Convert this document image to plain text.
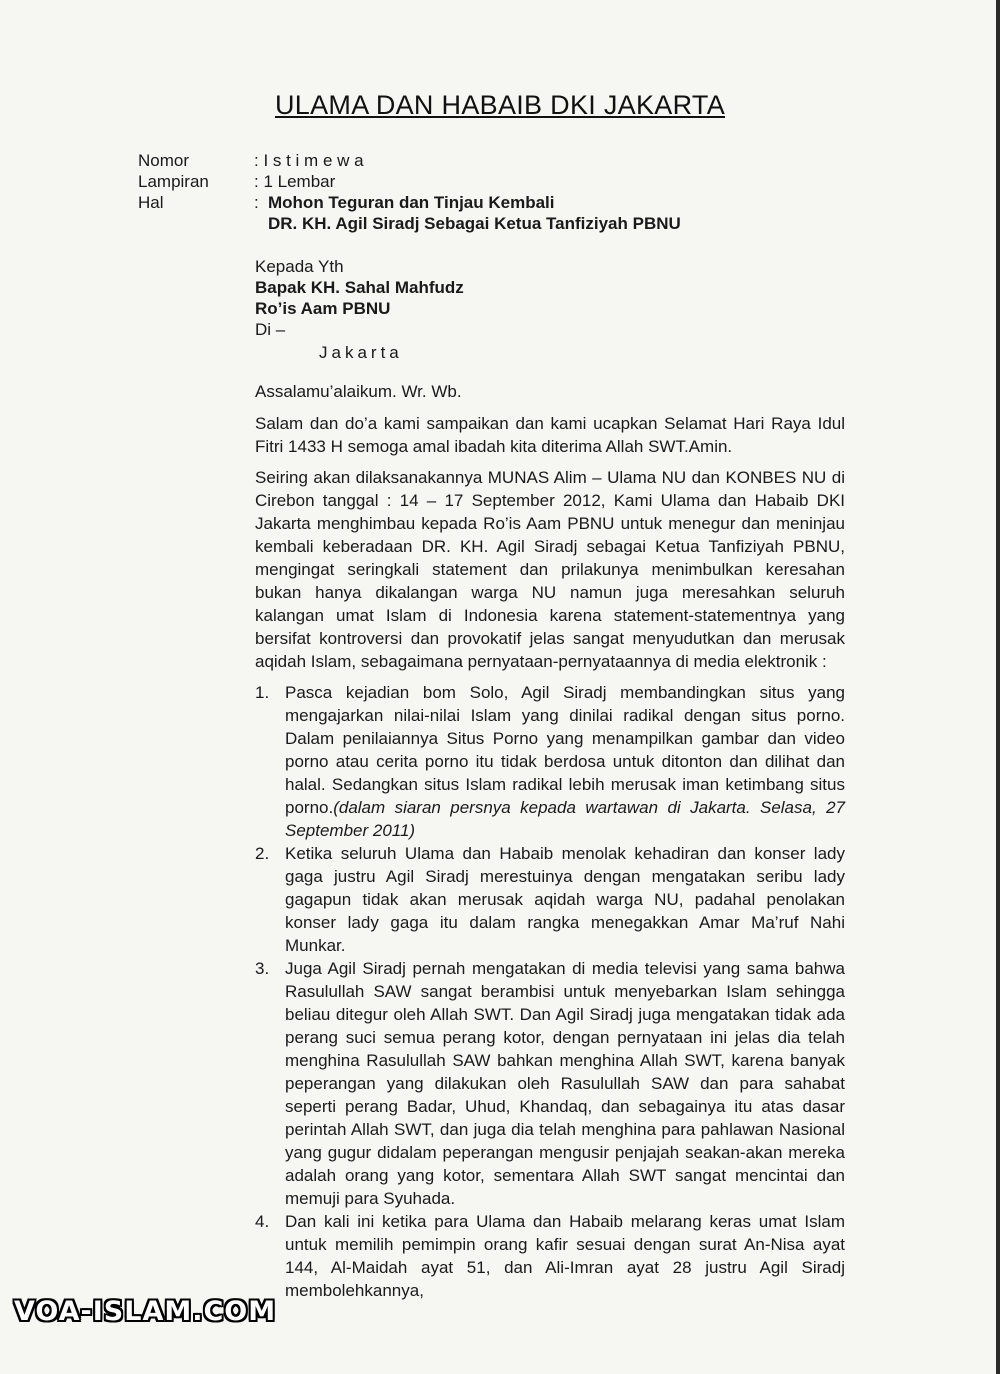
ULAMA DAN HABAIB DKI JAKARTA
Nomor	: I s t i m e w a
Lampiran	: 1 Lembar
Hal	: Mohon Teguran dan Tinjau Kembali
DR. KH. Agil Siradj Sebagai Ketua Tanfiziyah PBNU
Kepada Yth
Bapak KH. Sahal Mahfudz
Ro’is Aam PBNU
Di –
Jakarta
Assalamu’alaikum. Wr. Wb.

Salam dan do’a kami sampaikan dan kami ucapkan Selamat Hari Raya Idul Fitri 1433 H semoga amal ibadah kita diterima Allah SWT.Amin.

Seiring akan dilaksanakannya MUNAS Alim – Ulama NU dan KONBES NU di Cirebon tanggal : 14 – 17 September 2012, Kami Ulama dan Habaib DKI Jakarta menghimbau kepada Ro’is Aam PBNU untuk menegur dan meninjau kembali keberadaan DR. KH. Agil Siradj sebagai Ketua Tanfiziyah PBNU, mengingat seringkali statement dan prilakunya menimbulkan keresahan bukan hanya dikalangan warga NU namun juga meresahkan seluruh kalangan umat Islam di Indonesia karena statement-statementnya yang bersifat kontroversi dan provokatif jelas sangat menyudutkan dan merusak aqidah Islam, sebagaimana pernyataan-pernyataannya di media elektronik :

1. Pasca kejadian bom Solo, Agil Siradj membandingkan situs yang mengajarkan nilai-nilai Islam yang dinilai radikal dengan situs porno. Dalam penilaiannya Situs Porno yang menampilkan gambar dan video porno atau cerita porno itu tidak berdosa untuk ditonton dan dilihat dan halal. Sedangkan situs Islam radikal lebih merusak iman ketimbang situs porno.(dalam siaran persnya kepada wartawan di Jakarta. Selasa, 27 September 2011)
2. Ketika seluruh Ulama dan Habaib menolak kehadiran dan konser lady gaga justru Agil Siradj merestuinya dengan mengatakan seribu lady gagapun tidak akan merusak aqidah warga NU, padahal penolakan konser lady gaga itu dalam rangka menegakkan Amar Ma’ruf Nahi Munkar.
3. Juga Agil Siradj pernah mengatakan di media televisi yang sama bahwa Rasulullah SAW sangat berambisi untuk menyebarkan Islam sehingga beliau ditegur oleh Allah SWT. Dan Agil Siradj juga mengatakan tidak ada perang suci semua perang kotor, dengan pernyataan ini jelas dia telah menghina Rasulullah SAW bahkan menghina Allah SWT, karena banyak peperangan yang dilakukan oleh Rasulullah SAW dan para sahabat seperti perang Badar, Uhud, Khandaq, dan sebagainya itu atas dasar perintah Allah SWT, dan juga dia telah menghina para pahlawan Nasional yang gugur didalam peperangan mengusir penjajah seakan-akan mereka adalah orang yang kotor, sementara Allah SWT sangat mencintai dan memuji para Syuhada.
4. Dan kali ini ketika para Ulama dan Habaib melarang keras umat Islam untuk memilih pemimpin orang kafir sesuai dengan surat An-Nisa ayat 144, Al-Maidah ayat 51, dan Ali-Imran ayat 28 justru Agil Siradj membolehkannya,
VOA-ISLAM.COM
